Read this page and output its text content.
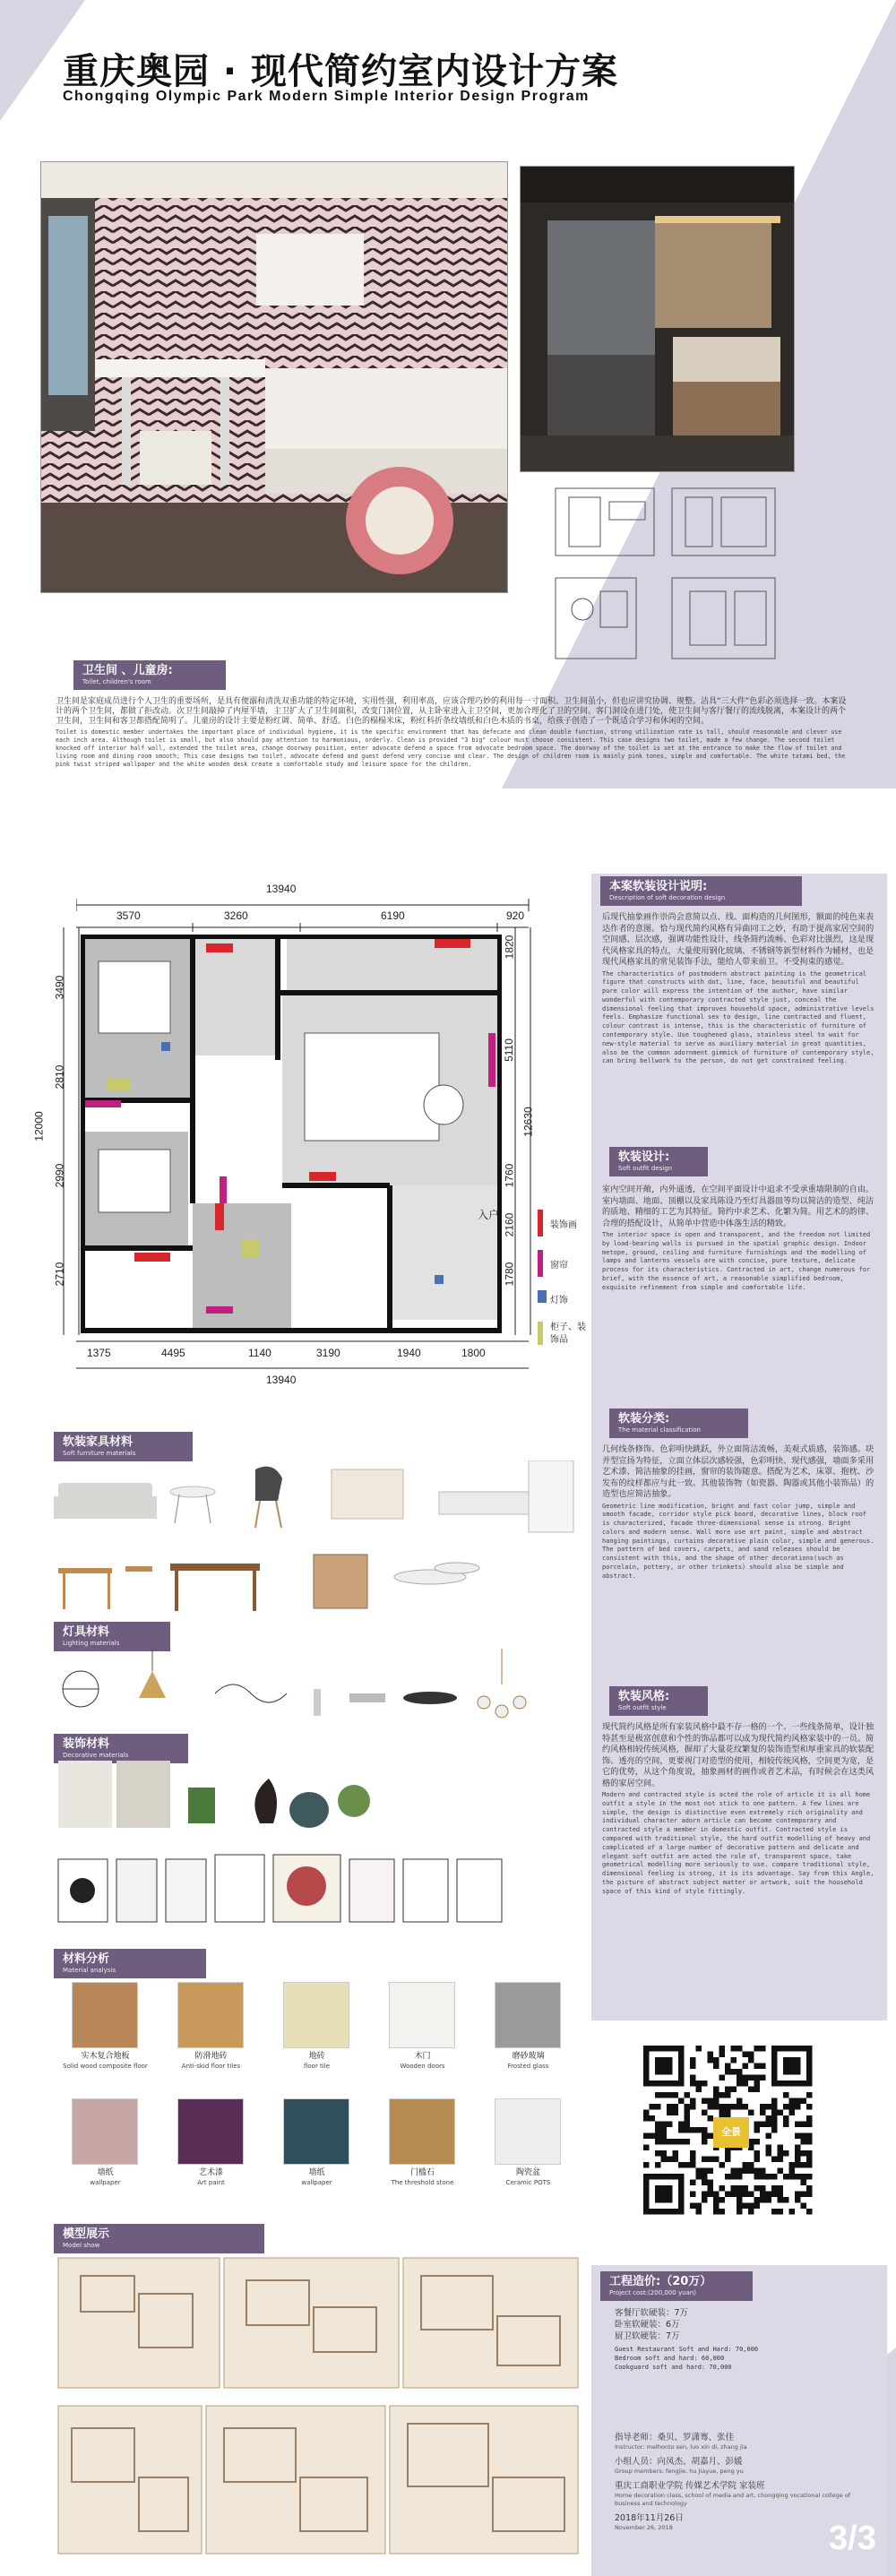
重庆奥园 · 现代简约室内设计方案
Chongqing Olympic Park Modern Simple Interior Design Program
卫生间 、儿童房:
Toilet, children's room
卫生间是家庭成员进行个人卫生的重要场所，是具有便溺和清洗双重功能的特定环境，实用性强，利用率高，应该合理巧妙的利用每一寸面积。卫生间虽小，但也应讲究协调、规整。洁具“三大件”色彩必须选择一致。本案设计的两个卫生间，都做了拒改动。次卫生间敲掉了内厘半墙，主卫扩大了卫生间面积，改变门洞位置，从主卧室进入主卫空间，更加合理化了卫的空间。客门洞设在进门处，使卫生间与客厅餐厅的流线脱离，本案设计的两个卫生间，卫生间和客卫都搭配简明了。儿童房的设计主要是粉红调、简单、舒适。白色的榻榻米床，粉红科折条纹墙纸和白色木质的书桌，给孩子创造了一个既适合学习和休闲的空间。
Toilet is domestic member undertakes the important place of individual hygiene, it is the specific environment that has defecate and clean double function, strong utilization rate is tall, should reasonable and clever use each inch area. Although toilet is small, but also should pay attention to harmonious, orderly. Clean is provided "3 big" colour must choose consistent. This case designs two toilet, made a few change. The second toilet knocked off interior half wall, extended the toilet area, change doorway position, enter advocate defend a space from advocate bedroom space. The doorway of the toilet is set at the entrance to make the flow of toilet and living room and dining room smooth; This case designs two toilet, advocate defend and guest defend very concise and clear. The design of children room is mainly pink tones, simple and comfortable. The white tatami bed, the pink twist striped wallpaper and the white wooden desk create a comfortable study and leisure space for the children.
13940
3570	3260	6190	920
12000
3490
2810
2990
2710
12630
1820
5110
1760
2160
1780
入户
1375	4495	1140	3190	1940	1800
13940
装饰画
窗帘
灯饰
柜子、装饰品
本案软装设计说明:
Description of soft decoration design
后现代抽象画作崇尚会意简以点、线、面构造的几何图形，额面的纯色来表达作者的意图。恰与现代简约风格有异曲同工之妙，有助于提高家居空间的空间感、层次感，强调功能性设计，线条简约流畅、色彩对比强烈，这是现代风格家具的特点，大量使用钢化玻璃、不锈钢等新型材料作为辅材，也是现代风格家具的常见装饰手法，能给人带来前卫、不受拘束的感觉。
The characteristics of postmodern abstract painting is the geometrical figure that constructs with dot, line, face, beautiful and beautiful pure color will express the intention of the author, have similar wonderful with contemporary contracted style just, conceal the dimensional feeling that improves household space, administrative levels feels. Emphasize functional sex to design, line contracted and fluent, colour contrast is intense, this is the characteristic of furniture of contemporary style. Use toughened glass, stainless steel to wait for new-style material to serve as auxiliary material in great quantities, also be the common adornment gimmick of furniture of contemporary style, can bring bellwork to the person, do not get constrained feeling.
软装设计:
Soft outfit design
室内空间开敞，内外通透，在空间平面设计中追求不受承重墙限制的自由。室内墙面、地面、顶棚以及家具陈设乃至灯具器皿等均以简洁的造型、纯洁的质地、精细的工艺为其特征。简约中求艺术、化繁为简。用艺术的韵律、合理的搭配设计，从简单中营造中体落生活的精致。
The interior space is open and transparent, and the freedom not limited by load-bearing walls is pursued in the spatial graphic design. Indoor metope, ground, ceiling and furniture furnishings and the modelling of lamps and lanterns vessels are with concise, pure texture, delicate process for its characteristics. Contracted in art, change numerous for brief, with the essence of art, a reasonable simplified bedroom, exquisite refinement from simple and comfortable life.
软装分类:
The material classification
几何线条修饰、色彩明快跳跃，外立面简洁流畅，美观式质感，装饰感。块并型宣扬为特征，立面立体层次感较强，色彩明快、现代感强，墙面多采用艺术漆、简洁抽象的挂画，窗帘的装饰随意。搭配为艺术，床罩、抱枕、沙发布的纹样都应与此一致。其他装饰物（如瓷器、陶器或其他小装饰品）的造型也应简洁抽象。
Geometric line modification, bright and fast color jump, simple and smooth facade, corridor style pick board, decorative lines, block roof is characterized, facade three-dimensional sense is strong. Bright colors and modern sense. Wall more use art paint, simple and abstract hanging paintings, curtains decorative plain color, simple and generous. The pattern of bed covers, carpets, and sand releases should be consistent with this, and the shape of other decorations(such as porcelain, pottery, or other trinkets) should also be simple and abstract.
软装风格:
Soft outfit style
现代简约风格是所有家装风格中最不存一格的一个。一些线条简单，设计独特甚至是极富创意和个性的饰品都可以成为现代简约风格家装中的一员。简约风格相较传统风格，摒却了大量花纹繁复的装饰造型和厚重家具的软装配饰。透亮的空间，更要视门对造型的使用，相较传统风格，空间更为宽，是它的优势，从这个角度说，抽象画材的画作或者艺术品，有时候会在这类风格的家居空间。
Modern and contracted style is acted the role of article it is all home outfit a style in the most not stick to one pattern. A few lines are simple, the design is distinctive even extremely rich originality and individual character adorn article can become contemporary and contracted style a member in domestic outfit. Contracted style is compared with traditional style, the hard outfit modelling of heavy and complicated of a large number of decorative pattern and delicate and elegant soft outfit are acted the role of, transparent space, take geometrical modelling more seriously to use. compare traditional style, dimensional feeling is strong, it is its advantage. Say from this Angle, the picture of abstract subject matter or artwork, suit the household space of this kind of style fittingly.
全景
工程造价:（20万）
Project cost:(200,000 yuan)
客餐厅软硬装：7万
卧室软硬装：6万
厨卫软硬装：7万
Guest Restaurant Soft and Hard: 70,000
Bedroom soft and hard: 60,000
Cookguard soft and hard: 70,000
指导老师：桑贝、罗潇骞、张佳
Instructor: melhonto sen, luo xin di, zhang jia
小组人员：向凤杰、胡嘉月、彭媛
Group members: fengjie, hu Jiayue, peng yu
重庆工商职业学院 传媒艺术学院 家装班
Home decoration class, school of media and art, chongqing vocational college of business and technology
2018年11月26日
November 26, 2018	3/3
软装家具材料
Soft furniture materials
灯具材料
Lighting materials
装饰材料
Decorative materials
材料分析
Material analysis
实木复合地板
Solid wood composite floor
防滑地砖
Anti-skid floor tiles
地砖
floor tile
木门
Wooden doors
磨砂玻璃
Frosted glass
墙纸
wallpaper
艺术漆
Art paint
墙纸
wallpaper
门槛石
The threshold stone
陶瓷盆
Ceramic POTS
模型展示
Model show
